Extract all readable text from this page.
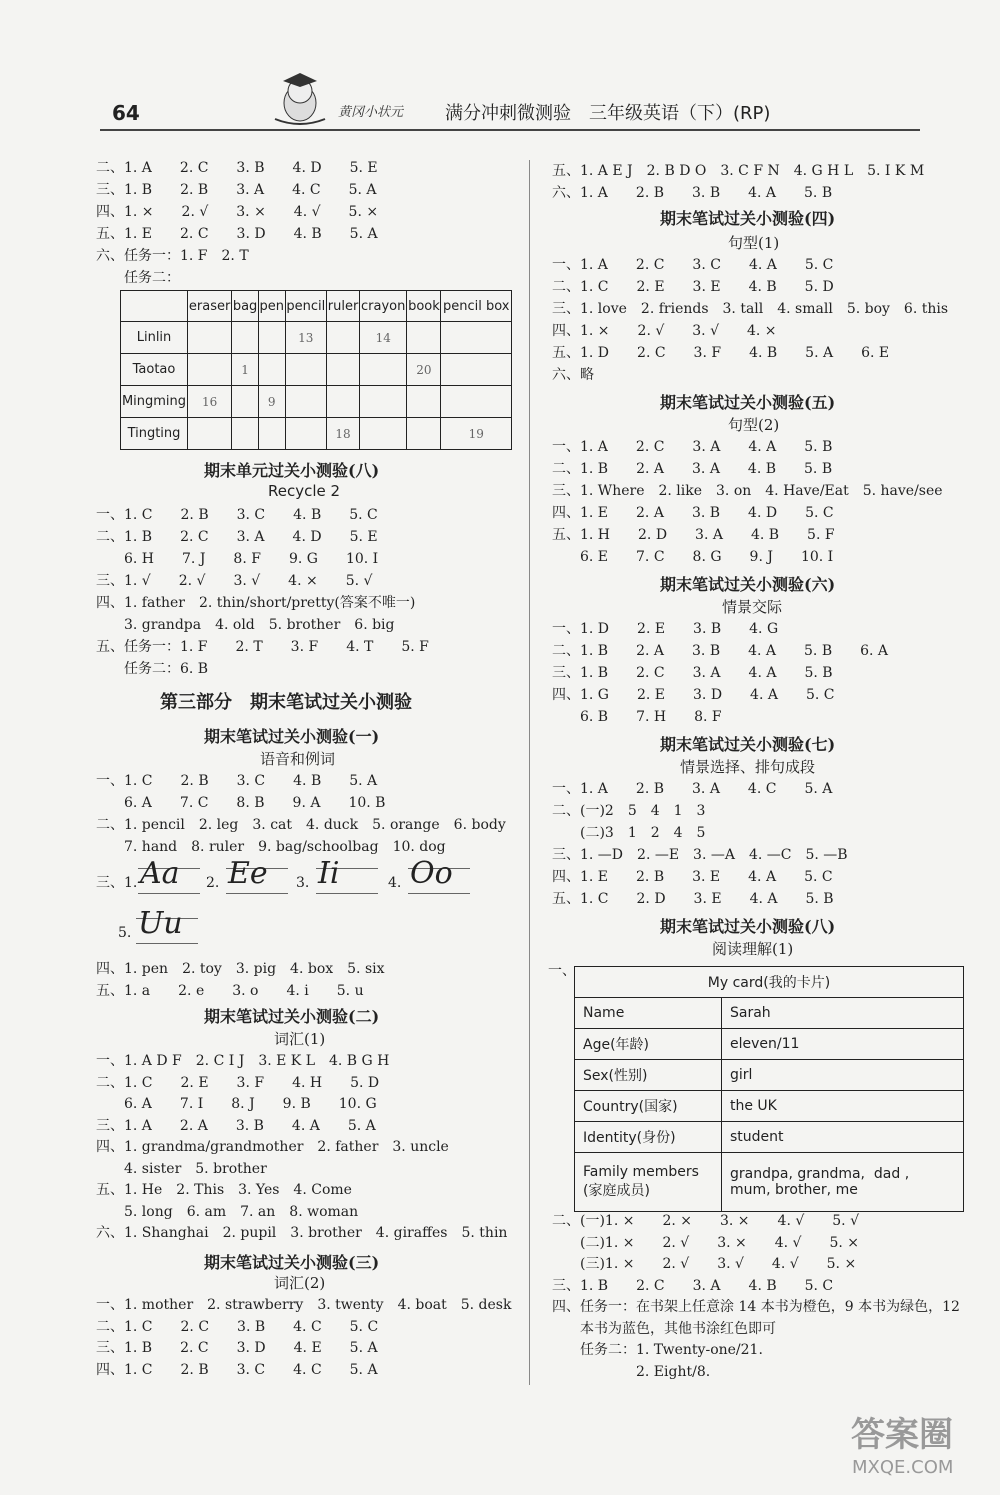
64	黄冈小状元 满分冲刺微测验　三年级英语（下）(RP)
二、1. A　　2. C　　3. B　　4. D　　5. E
三、1. B　　2. B　　3. A　　4. C　　5. A
四、1. ×　　2. √　　3. ×　　4. √　　5. ×
五、1. E　　2. C　　3. D　　4. B　　5. A
六、任务一：1. F　2. T
　　任务二：
	eraser	bag	pen	pencil	ruler	crayon	book	pencil box
Linlin				13		14		
Taotao		1					20	
Mingming	16		9					
Tingting					18			19
期末单元过关小测验(八)
Recycle 2
一、1. C　　2. B　　3. C　　4. B　　5. C
二、1. B　　2. C　　3. A　　4. D　　5. E
　　6. H　　7. J　　8. F　　9. G　　10. I
三、1. √　　2. √　　3. √　　4. ×　　5. √
四、1. father　2. thin/short/pretty(答案不唯一)
　　3. grandpa　4. old　5. brother　6. big
五、任务一：1. F　　2. T　　3. F　　4. T　　5. F
　　任务二：6. B
第三部分　期末笔试过关小测验
期末笔试过关小测验(一)
语音和例词
一、1. C　　2. B　　3. C　　4. B　　5. A
　　6. A　　7. C　　8. B　　9. A　　10. B
二、1. pencil　2. leg　3. cat　4. duck　5. orange　6. body
　　7. hand　8. ruler　9. bag/schoolbag　10. dog
三、1. Aa 2. Ee 3. Ii	4. Oo
5. Uu
四、1. pen　2. toy　3. pig　4. box　5. six
五、1. a　　2. e　　3. o　　4. i　　5. u
期末笔试过关小测验(二)
词汇(1)
一、1. A D F　2. C I J　3. E K L　4. B G H
二、1. C　　2. E　　3. F　　4. H　　5. D
　　6. A　　7. I　　8. J　　9. B　　10. G
三、1. A　　2. A　　3. B　　4. A　　5. A
四、1. grandma/grandmother　2. father　3. uncle
　　4. sister　5. brother
五、1. He　2. This　3. Yes　4. Come
　　5. long　6. am　7. an　8. woman
六、1. Shanghai　2. pupil　3. brother　4. giraffes　5. thin
期末笔试过关小测验(三)
词汇(2)
一、1. mother　2. strawberry　3. twenty　4. boat　5. desk
二、1. C　　2. C　　3. B　　4. C　　5. C
三、1. B　　2. C　　3. D　　4. E　　5. A
四、1. C　　2. B　　3. C　　4. C　　5. A
五、1. A E J　2. B D O　3. C F N　4. G H L　5. I K M
六、1. A　　2. B　　3. B　　4. A　　5. B
期末笔试过关小测验(四)
句型(1)
一、1. A　　2. C　　3. C　　4. A　　5. C
二、1. C　　2. E　　3. E　　4. B　　5. D
三、1. love　2. friends　3. tall　4. small　5. boy　6. this
四、1. ×　　2. √　　3. √　　4. ×
五、1. D　　2. C　　3. F　　4. B　　5. A　　6. E
六、略
期末笔试过关小测验(五)
句型(2)
一、1. A　　2. C　　3. A　　4. A　　5. B
二、1. B　　2. A　　3. A　　4. B　　5. B
三、1. Where　2. like　3. on　4. Have/Eat　5. have/see
四、1. E　　2. A　　3. B　　4. D　　5. C
五、1. H　　2. D　　3. A　　4. B　　5. F
　　6. E　　7. C　　8. G　　9. J　　10. I
期末笔试过关小测验(六)
情景交际
一、1. D　　2. E　　3. B　　4. G
二、1. B　　2. A　　3. B　　4. A　　5. B　　6. A
三、1. B　　2. C　　3. A　　4. A　　5. B
四、1. G　　2. E　　3. D　　4. A　　5. C
　　6. B　　7. H　　8. F
期末笔试过关小测验(七)
情景选择、排句成段
一、1. A　　2. B　　3. A　　4. C　　5. A
二、(一)2　5　4　1　3
　　(二)3　1　2　4　5
三、1. —D　2. —E　3. —A　4. —C　5. —B
四、1. E　　2. B　　3. E　　4. A　　5. C
五、1. C　　2. D　　3. E　　4. A　　5. B
期末笔试过关小测验(八)
阅读理解(1)
一、
My card(我的卡片)	
Name	Sarah
Age(年龄)	eleven/11
Sex(性别)	girl
Country(国家)	the UK
Identity(身份)	student
Family members
(家庭成员)	grandpa, grandma,  dad ,
mum, brother, me
二、(一)1. ×　　2. ×　　3. ×　　4. √　　5. √
　　(二)1. ×　　2. √　　3. ×　　4. √　　5. ×
　　(三)1. ×　　2. √　　3. √　　4. √　　5. ×
三、1. B　　2. C　　3. A　　4. B　　5. C
四、任务一：在书架上任意涂 14 本书为橙色，9 本书为绿色，12
　　本书为蓝色，其他书涂红色即可
　　任务二：1. Twenty-one/21.
　　　　　　2. Eight/8.
答案圈
MXQE.COM
